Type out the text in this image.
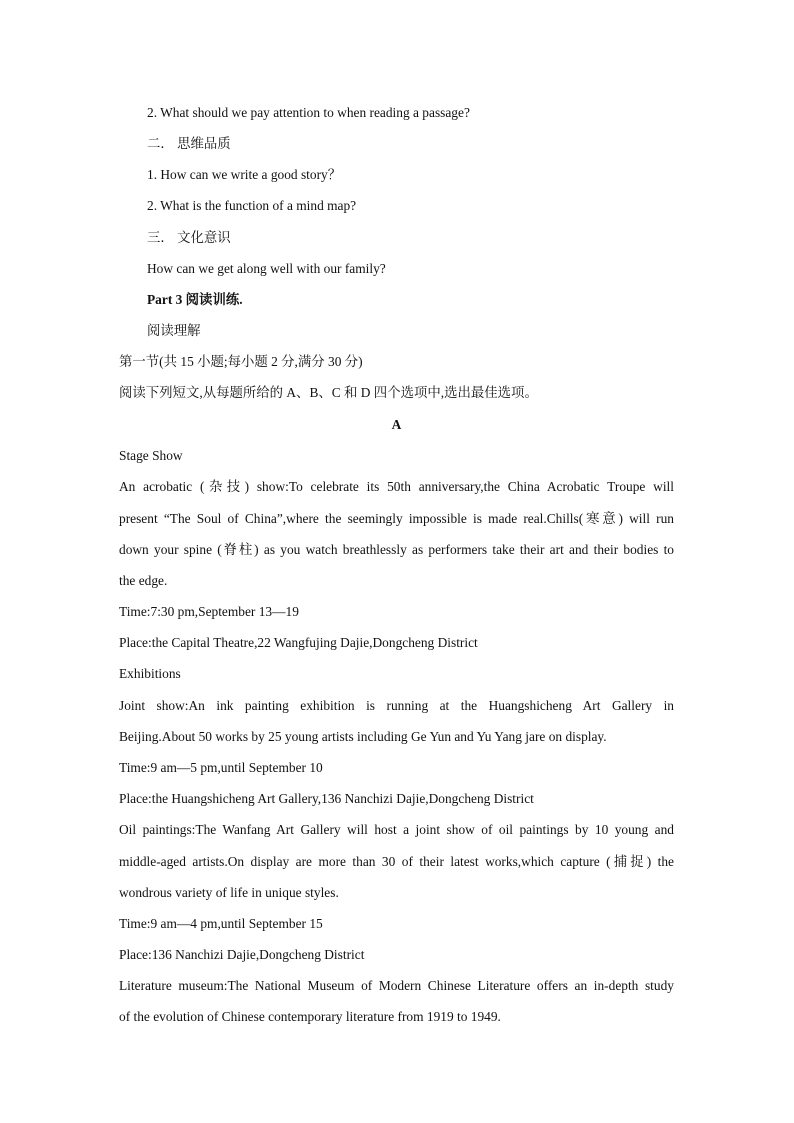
2. What should we pay attention to when reading a passage?
二． 思维品质
1. How can we write a good story？
2. What is the function of a mind map?
三． 文化意识
How can we get along well with our family?
Part 3 阅读训练.
阅读理解
第一节(共 15 小题;每小题 2 分,满分 30 分)
阅读下列短文,从每题所给的 A、B、C 和 D 四个选项中,选出最佳选项。
A
Stage Show
An acrobatic (杂技) show:To celebrate its 50th anniversary,the China Acrobatic Troupe will
present “The Soul of China”,where the seemingly impossible is made real.Chills(寒意) will run
down your spine (脊柱) as you watch breathlessly as performers take their art and their bodies to
the edge.
Time:7:30 pm,September 13—19
Place:the Capital Theatre,22 Wangfujing Dajie,Dongcheng District
Exhibitions
Joint show:An ink painting exhibition is running at the Huangshicheng Art Gallery in
Beijing.About 50 works by 25 young artists including Ge Yun and Yu Yang jare on display.
Time:9 am—5 pm,until September 10
Place:the Huangshicheng Art Gallery,136 Nanchizi Dajie,Dongcheng District
Oil paintings:The Wanfang Art Gallery will host a joint show of oil paintings by 10 young and
middle-aged artists.On display are more than 30 of their latest works,which capture (捕捉) the
wondrous variety of life in unique styles.
Time:9 am—4 pm,until September 15
Place:136 Nanchizi Dajie,Dongcheng District
Literature museum:The National Museum of Modern Chinese Literature offers an in-depth study
of the evolution of Chinese contemporary literature from 1919 to 1949.
